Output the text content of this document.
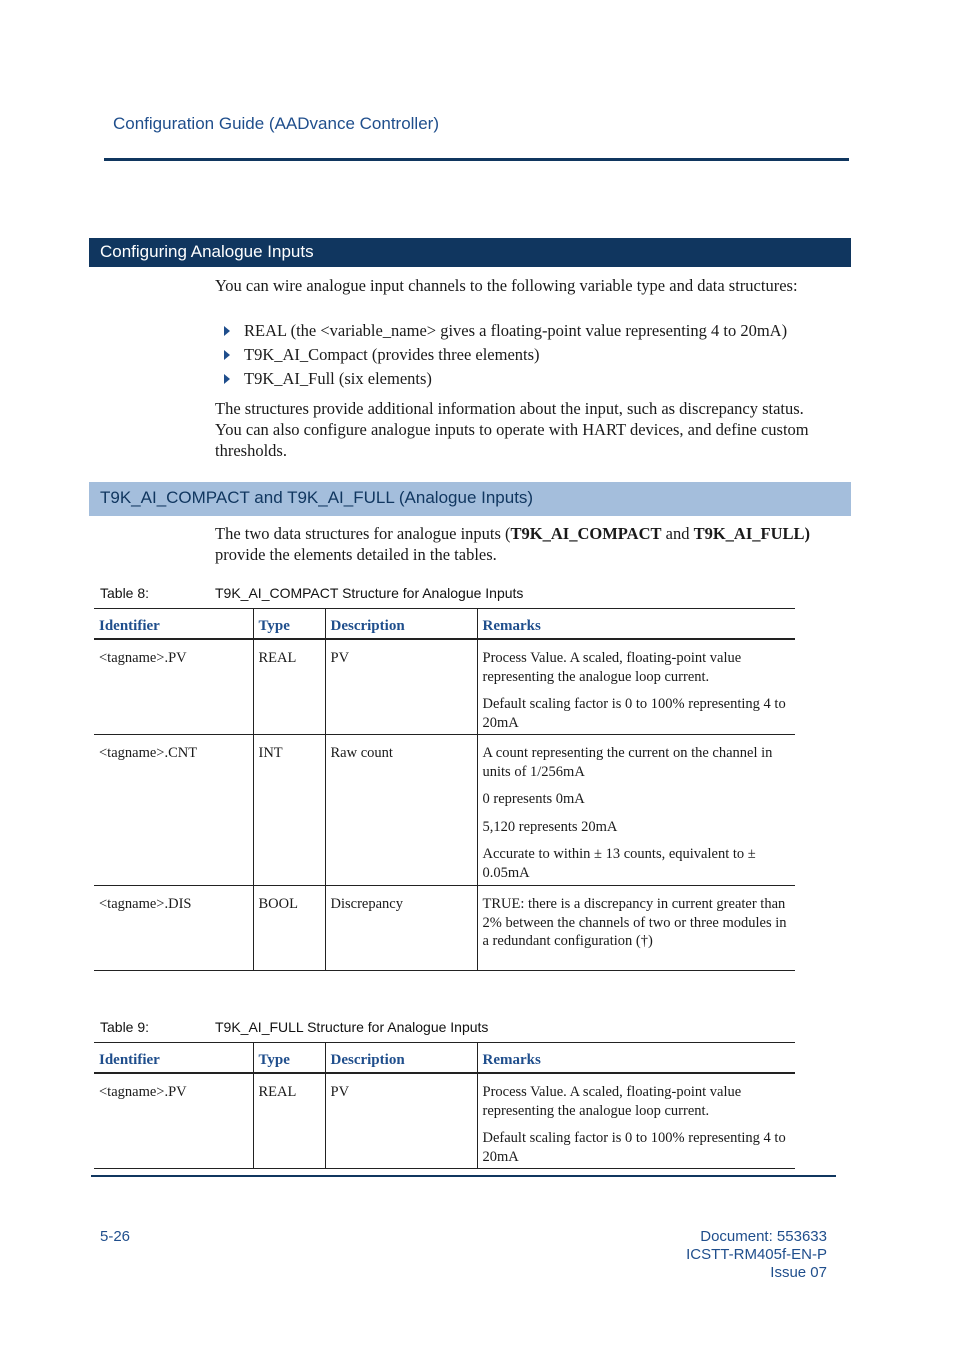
Configuration Guide (AADvance Controller)
Configuring Analogue Inputs
You can wire analogue input channels to the following variable type and data structures:
REAL (the <variable_name> gives a floating-point value representing 4 to 20mA)
T9K_AI_Compact (provides three elements)
T9K_AI_Full (six elements)
The structures provide additional information about the input, such as discrepancy status. You can also configure analogue inputs to operate with HART devices, and define custom thresholds.
T9K_AI_COMPACT and T9K_AI_FULL (Analogue Inputs)
The two data structures for analogue inputs (T9K_AI_COMPACT and T9K_AI_FULL) provide the elements detailed in the tables.
Table 8:	T9K_AI_COMPACT Structure for Analogue Inputs
Identifier	Type	Description	Remarks
<tagname>.PV	REAL	PV	Process Value. A scaled, floating-point value representing the analogue loop current.

Default scaling factor is 0 to 100% representing 4 to 20mA

<tagname>.CNT	INT	Raw count	A count representing the current on the channel in units of 1/256mA

0 represents 0mA

5,120 represents 20mA

Accurate to within ± 13 counts, equivalent to ± 0.05mA

<tagname>.DIS	BOOL	Discrepancy	TRUE: there is a discrepancy in current greater than 2% between the channels of two or three modules in a redundant configuration (†)

Table 9:	T9K_AI_FULL Structure for Analogue Inputs
Identifier	Type	Description	Remarks
<tagname>.PV	REAL	PV	Process Value. A scaled, floating-point value representing the analogue loop current.

Default scaling factor is 0 to 100% representing 4 to 20mA

5-26	Document: 553633
ICSTT-RM405f-EN-P
Issue 07
